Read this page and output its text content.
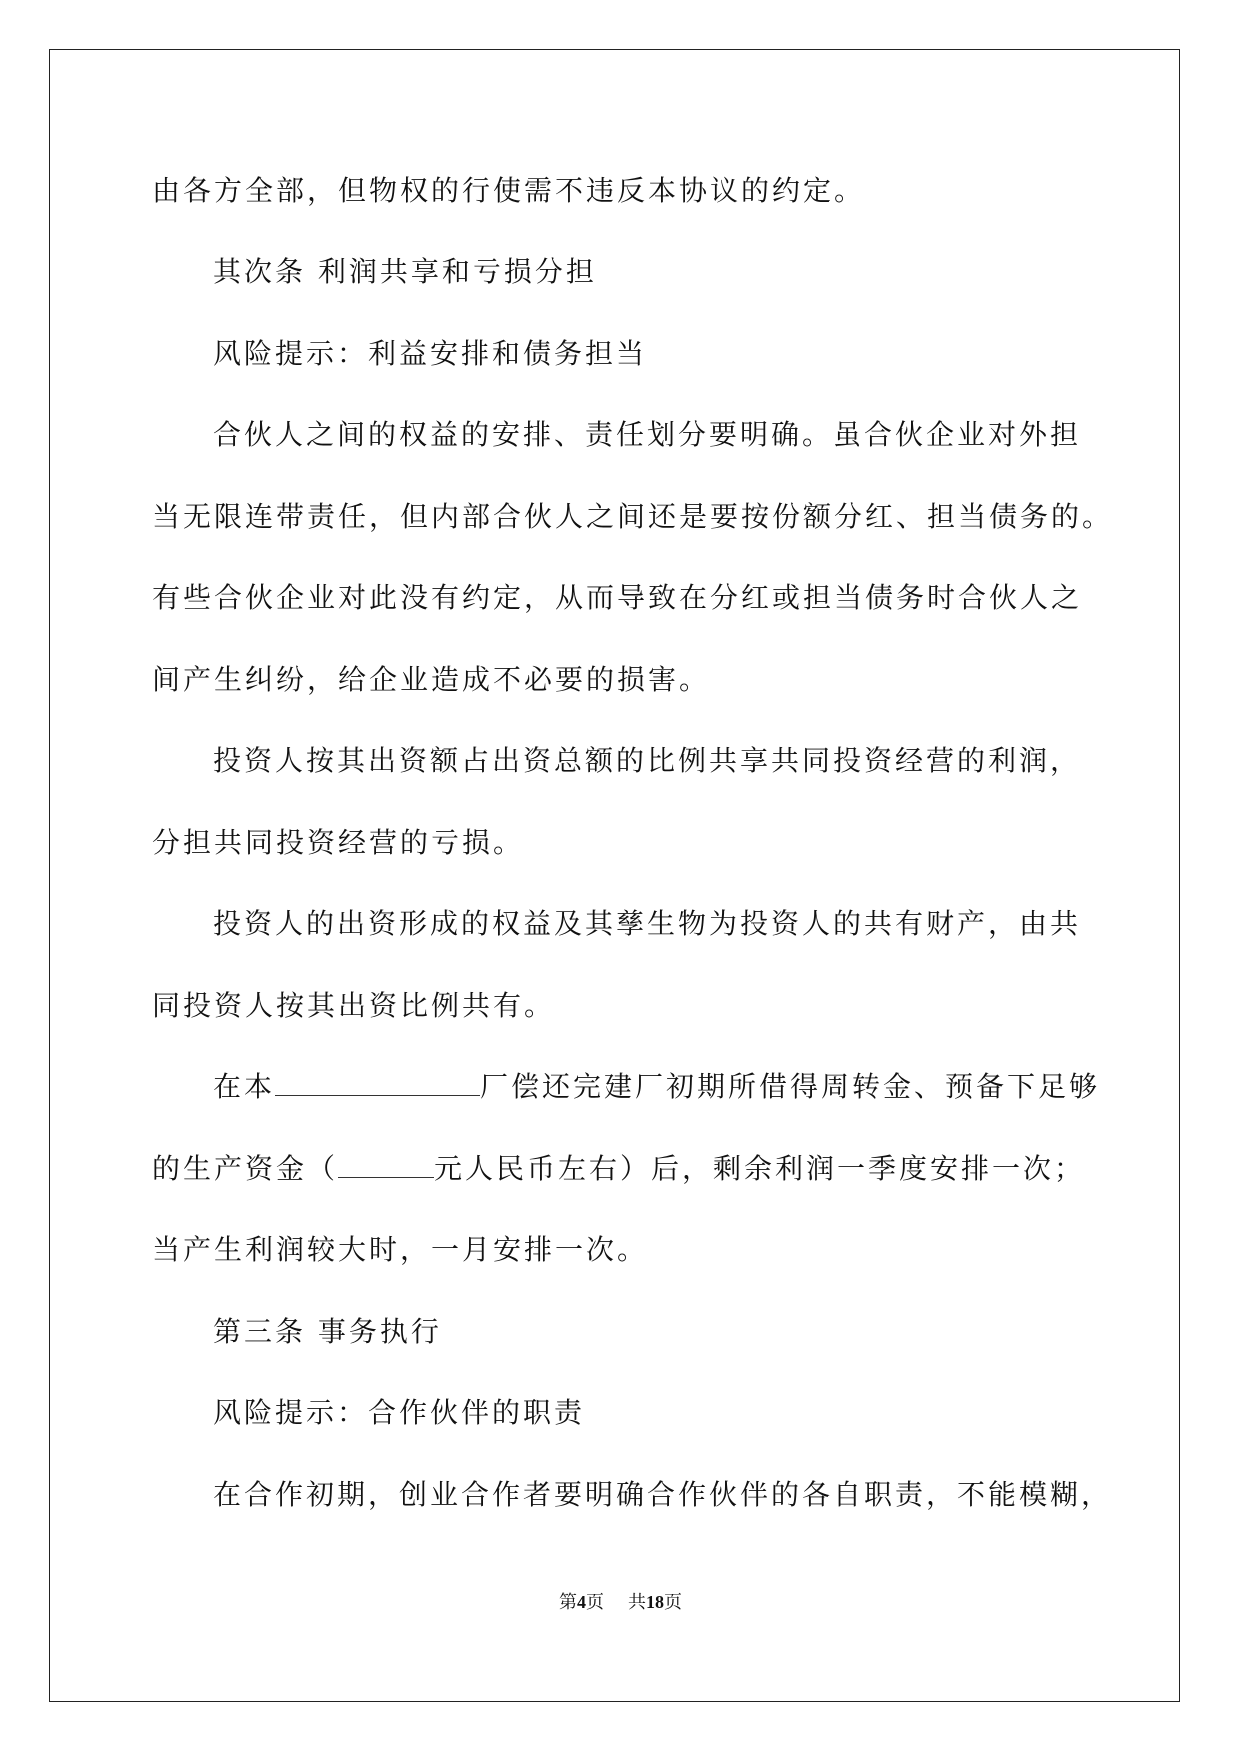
由各方全部，但物权的行使需不违反本协议的约定。
其次条 利润共享和亏损分担
风险提示：利益安排和债务担当
合伙人之间的权益的安排、责任划分要明确。虽合伙企业对外担
当无限连带责任，但内部合伙人之间还是要按份额分红、担当债务的。
有些合伙企业对此没有约定，从而导致在分红或担当债务时合伙人之
间产生纠纷，给企业造成不必要的损害。
投资人按其出资额占出资总额的比例共享共同投资经营的利润，
分担共同投资经营的亏损。
投资人的出资形成的权益及其孳生物为投资人的共有财产，由共
同投资人按其出资比例共有。
在本	厂偿还完建厂初期所借得周转金、预备下足够
的生产资金（	元人民币左右）后，剩余利润一季度安排一次；
当产生利润较大时，一月安排一次。
第三条 事务执行
风险提示：合作伙伴的职责
在合作初期，创业合作者要明确合作伙伴的各自职责，不能模糊，
第4页 共18页
